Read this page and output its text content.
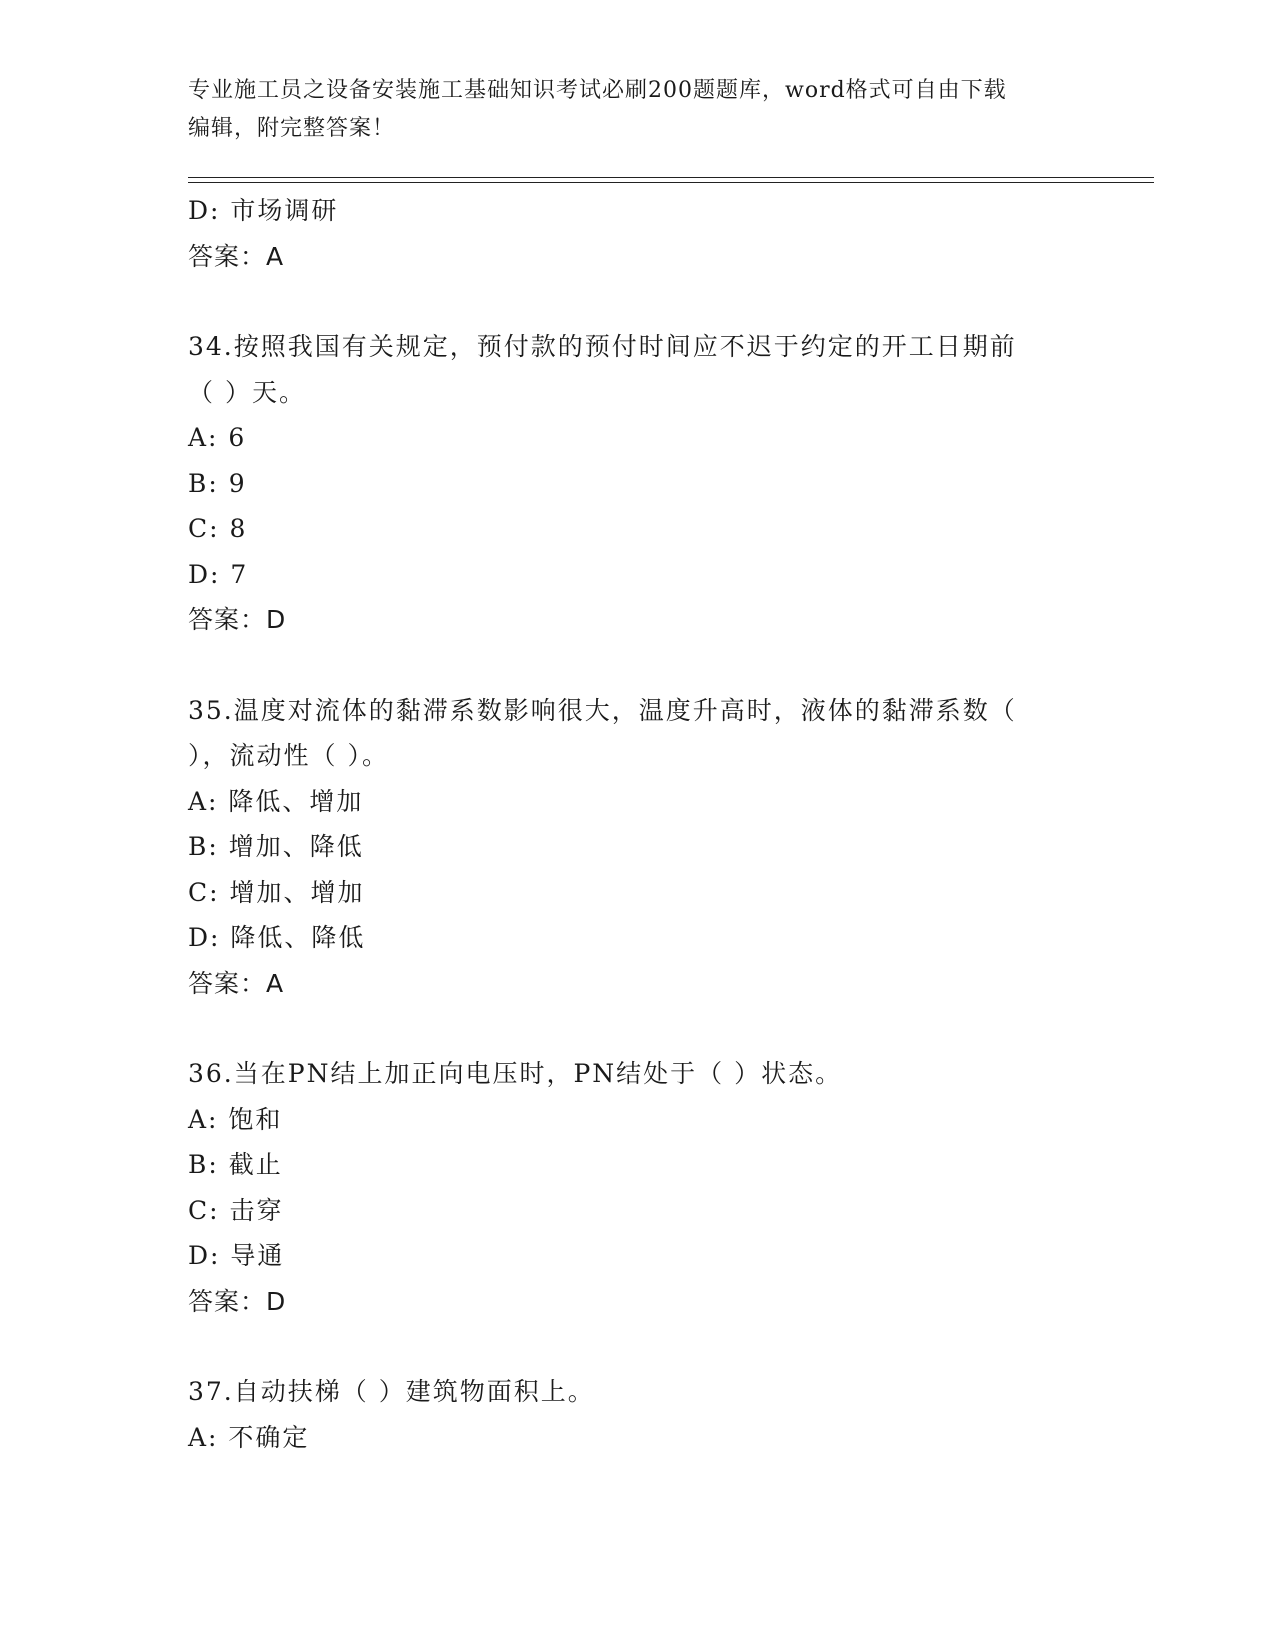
专业施工员之设备安装施工基础知识考试必刷200题题库，word格式可自由下载
编辑，附完整答案！
D: 市场调研
答案：A
34.按照我国有关规定，预付款的预付时间应不迟于约定的开工日期前
（ ）天。
A: 6
B: 9
C: 8
D: 7
答案：D
35.温度对流体的黏滞系数影响很大，温度升高时，液体的黏滞系数（
），流动性（ ）。
A: 降低、增加
B: 增加、降低
C: 增加、增加
D: 降低、降低
答案：A
36.当在PN结上加正向电压时，PN结处于（ ）状态。
A: 饱和
B: 截止
C: 击穿
D: 导通
答案：D
37.自动扶梯（ ）建筑物面积上。
A: 不确定
